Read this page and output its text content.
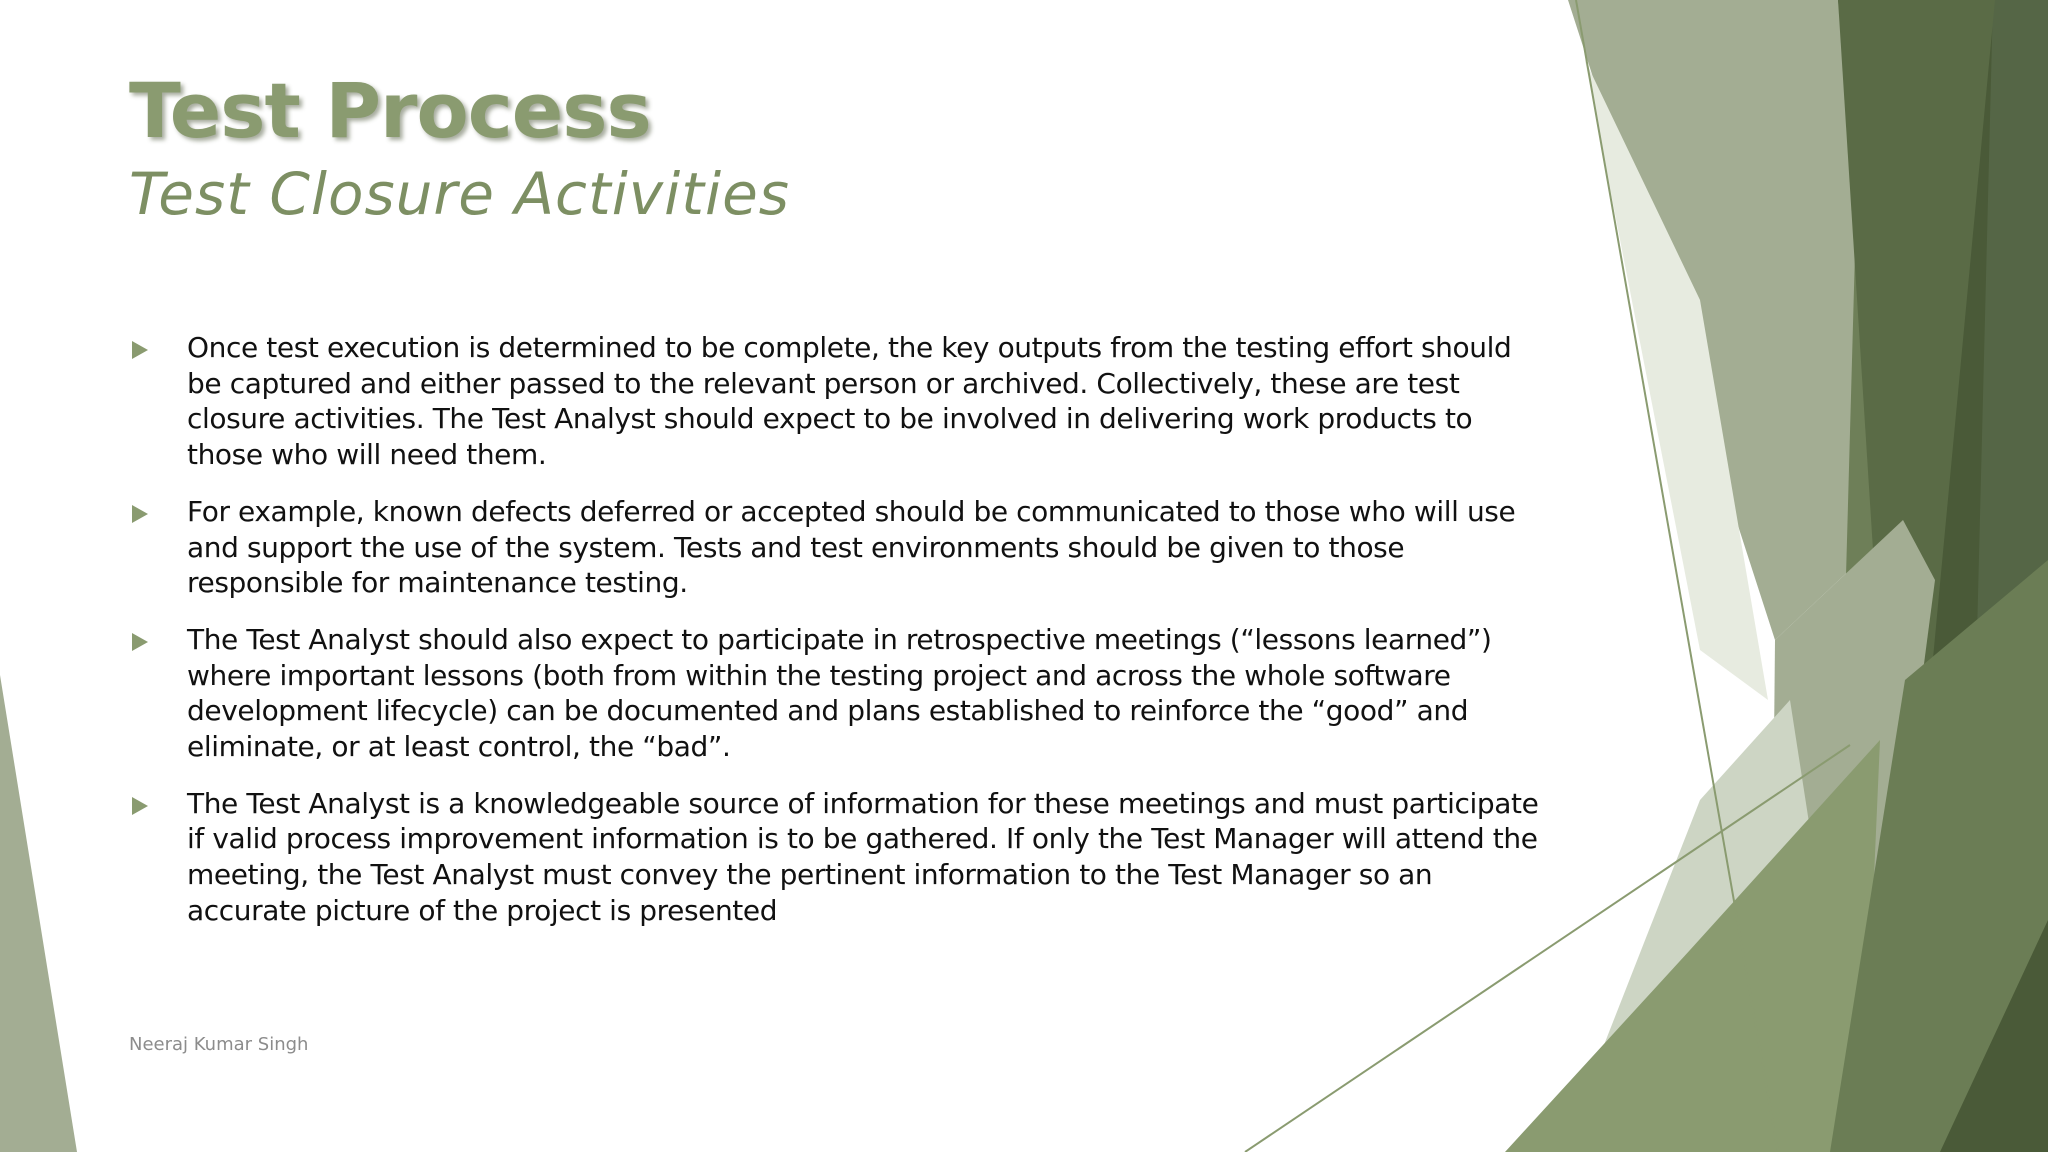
Test Process
Test Closure Activities
Once test execution is determined to be complete, the key outputs from the testing effort should be captured and either passed to the relevant person or archived. Collectively, these are test closure activities. The Test Analyst should expect to be involved in delivering work products to those who will need them.
For example, known defects deferred or accepted should be communicated to those who will use and support the use of the system. Tests and test environments should be given to those responsible for maintenance testing.
The Test Analyst should also expect to participate in retrospective meetings (“lessons learned”) where important lessons (both from within the testing project and across the whole software development lifecycle) can be documented and plans established to reinforce the “good” and eliminate, or at least control, the “bad”.
The Test Analyst is a knowledgeable source of information for these meetings and must participate if valid process improvement information is to be gathered. If only the Test Manager will attend the meeting, the Test Analyst must convey the pertinent information to the Test Manager so an accurate picture of the project is presented
Neeraj Kumar Singh
